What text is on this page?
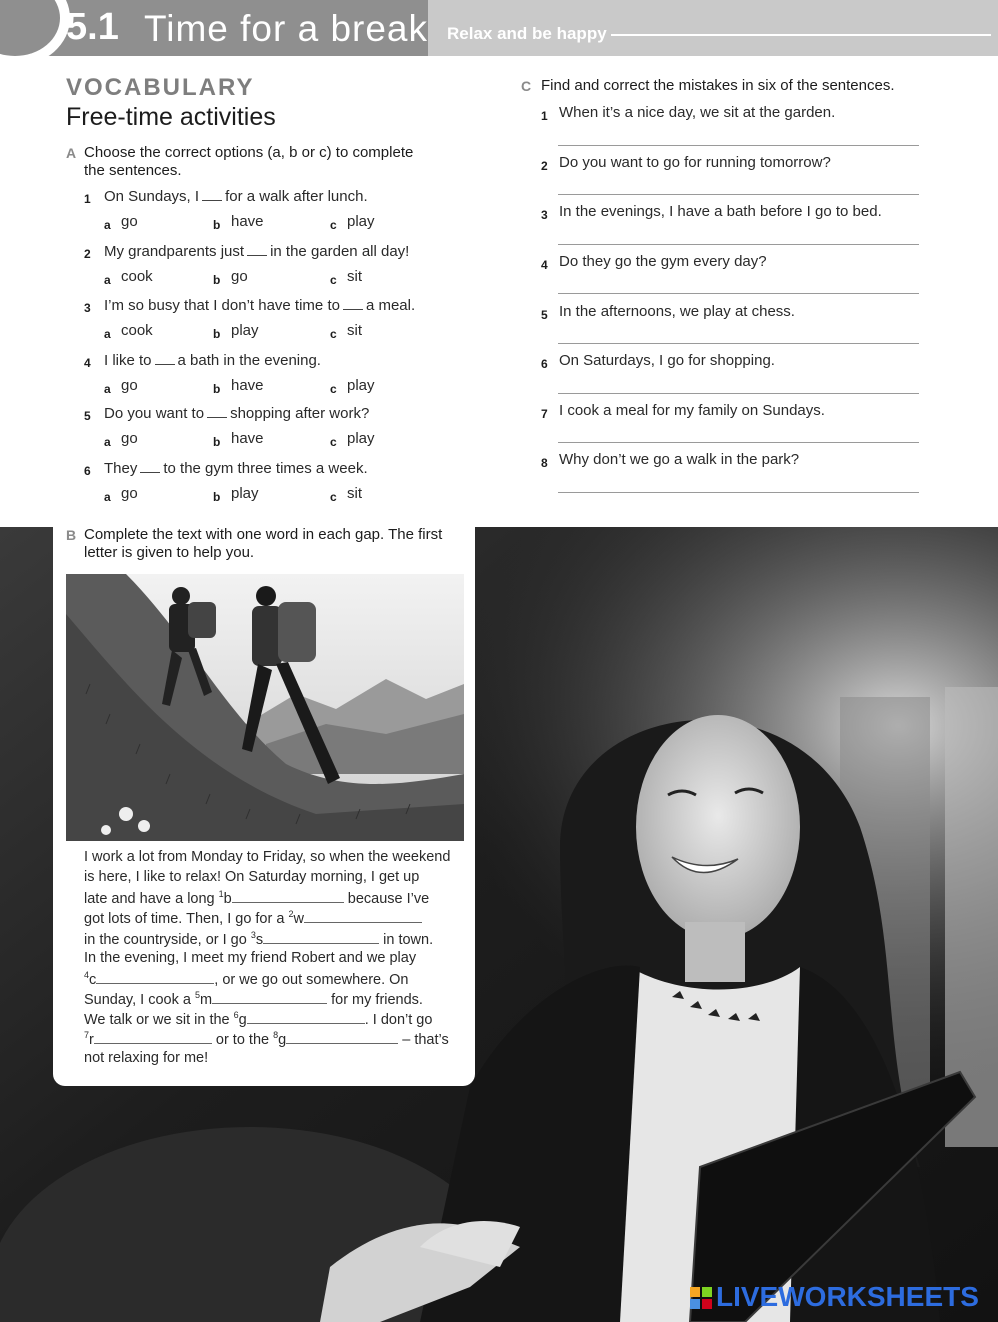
5.1 Time for a break Relax and be happy
VOCABULARY
Free-time activities
A Choose the correct options (a, b or c) to complete
the sentences.
1 On Sundays, I for a walk after lunch.
a go	b have	c play
2 My grandparents just in the garden all day!
a cook	b go	c sit
3 I’m so busy that I don’t have time to a meal.
a cook	b play	c sit
4 I like to a bath in the evening.
a go	b have	c play
5 Do you want to shopping after work?
a go	b have	c play
6 They to the gym three times a week.
a go	b play	c sit
C Find and correct the mistakes in six of the sentences.
1 When it’s a nice day, we sit at the garden.
2 Do you want to go for running tomorrow?
3 In the evenings, I have a bath before I go to bed.
4 Do they go the gym every day?
5 In the afternoons, we play at chess.
6 On Saturdays, I go for shopping.
7 I cook a meal for my family on Sundays.
8 Why don’t we go a walk in the park?
B Complete the text with one word in each gap. The first
letter is given to help you.
I work a lot from Monday to Friday, so when the weekend
is here, I like to relax! On Saturday morning, I get up
late and have a long $^1$b	because I’ve
got lots of time. Then, I go for a $^2$w
in the countryside, or I go $^3$s	in town.
In the evening, I meet my friend Robert and we play
$^4$c	, or we go out somewhere. On
Sunday, I cook a $^5$m	for my friends.
We talk or we sit in the $^6$g	. I don’t go
$^7$r	or to the $^8$g	– that’s
not relaxing for me!
LIVEWORKSHEETS
